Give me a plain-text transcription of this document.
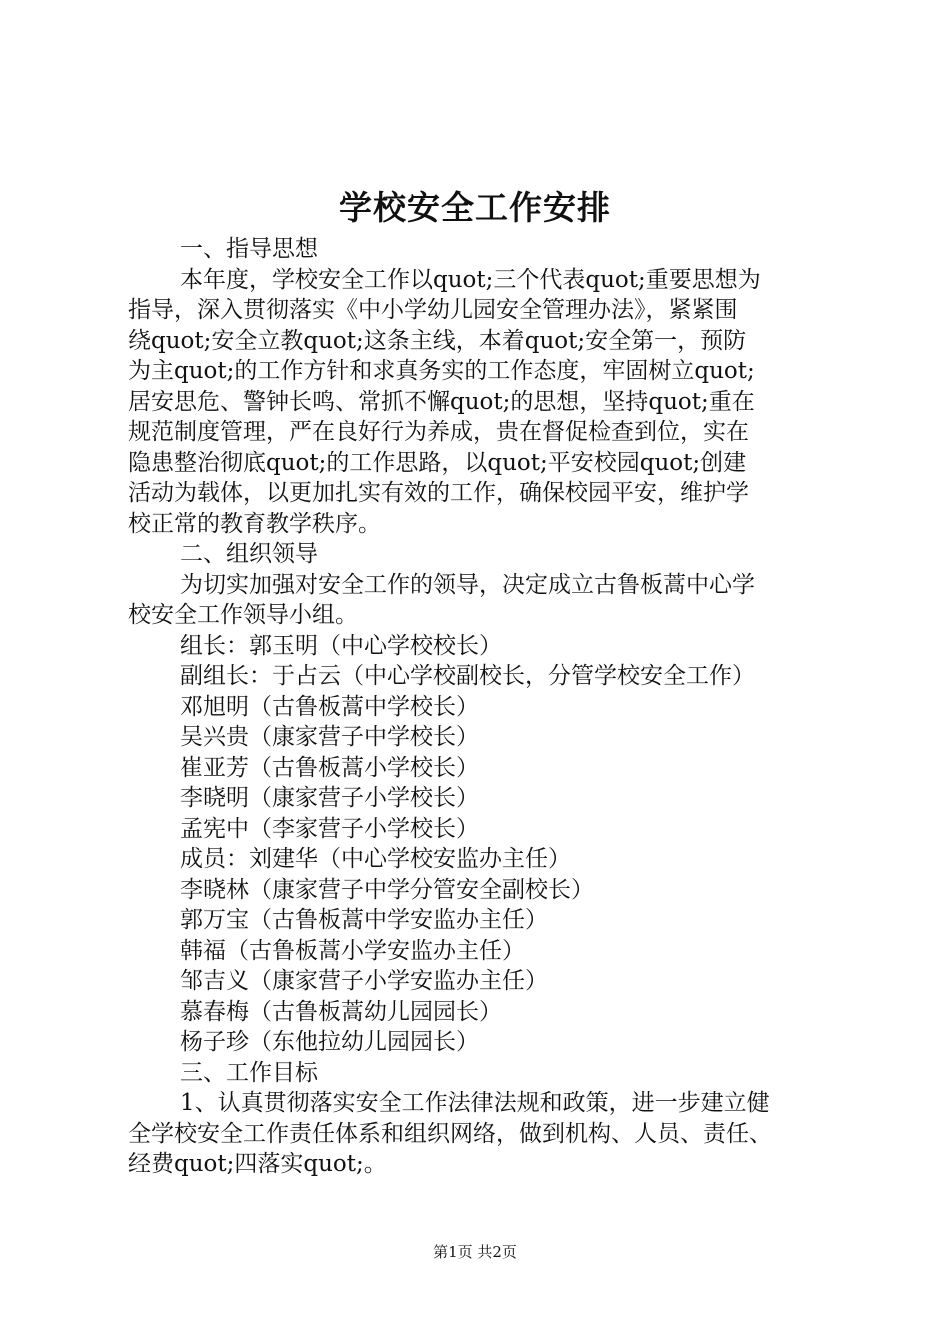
学校安全工作安排
一、指导思想
本年度，学校安全工作以quot;三个代表quot;重要思想为
指导，深入贯彻落实《中小学幼儿园安全管理办法》，紧紧围
绕quot;安全立教quot;这条主线，本着quot;安全第一，预防
为主quot;的工作方针和求真务实的工作态度，牢固树立quot;
居安思危、警钟长鸣、常抓不懈quot;的思想，坚持quot;重在
规范制度管理，严在良好行为养成，贵在督促检查到位，实在
隐患整治彻底quot;的工作思路，以quot;平安校园quot;创建
活动为载体，以更加扎实有效的工作，确保校园平安，维护学
校正常的教育教学秩序。
二、组织领导
为切实加强对安全工作的领导，决定成立古鲁板蒿中心学
校安全工作领导小组。
组长：郭玉明（中心学校校长）
副组长：于占云（中心学校副校长，分管学校安全工作）
邓旭明（古鲁板蒿中学校长）
吴兴贵（康家营子中学校长）
崔亚芳（古鲁板蒿小学校长）
李晓明（康家营子小学校长）
孟宪中（李家营子小学校长）
成员：刘建华（中心学校安监办主任）
李晓林（康家营子中学分管安全副校长）
郭万宝（古鲁板蒿中学安监办主任）
韩福（古鲁板蒿小学安监办主任）
邹吉义（康家营子小学安监办主任）
慕春梅（古鲁板蒿幼儿园园长）
杨子珍（东他拉幼儿园园长）
三、工作目标
1、认真贯彻落实安全工作法律法规和政策，进一步建立健
全学校安全工作责任体系和组织网络，做到机构、人员、责任、
经费quot;四落实quot;。
第1页 共2页
